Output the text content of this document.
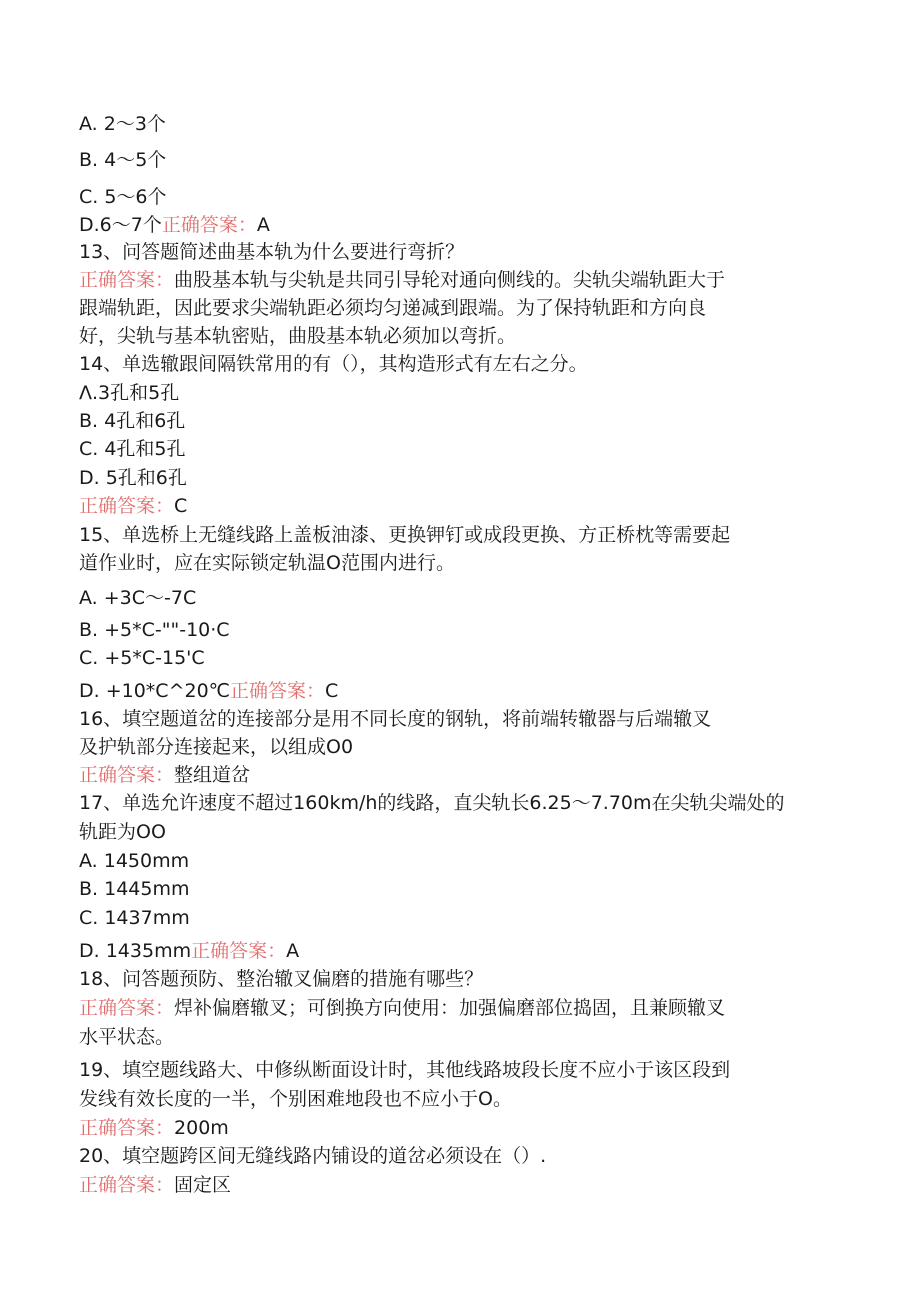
A. 2～3个
B. 4～5个
C. 5～6个
D.6～7个正确答案：A
13、问答题简述曲基本轨为什么要进行弯折？
正确答案：曲股基本轨与尖轨是共同引导轮对通向侧线的。尖轨尖端轨距大于
跟端轨距，因此要求尖端轨距必须均匀递减到跟端。为了保持轨距和方向良
好，尖轨与基本轨密贴，曲股基本轨必须加以弯折。
14、单选辙跟间隔铁常用的有（），其构造形式有左右之分。
Λ.3孔和5孔
B. 4孔和6孔
C. 4孔和5孔
D. 5孔和6孔
正确答案：C
15、单选桥上无缝线路上盖板油漆、更换钾钉或成段更换、方正桥枕等需要起
道作业时，应在实际锁定轨温O范围内进行。
A. +3C～-7C
B. +5*C-""-10·C
C. +5*C-15'C
D. +10*C^20℃正确答案：C
16、填空题道岔的连接部分是用不同长度的钢轨，将前端转辙器与后端辙叉
及护轨部分连接起来，以组成O0
正确答案：整组道岔
17、单选允许速度不超过160km∕h的线路，直尖轨长6.25～7.70m在尖轨尖端处的
轨距为OO
A. 1450mm
B. 1445mm
C. 1437mm
D. 1435mm正确答案：A
18、问答题预防、整治辙叉偏磨的措施有哪些？
正确答案：焊补偏磨辙叉；可倒换方向使用：加强偏磨部位捣固，且兼顾辙叉
水平状态。
19、填空题线路大、中修纵断面设计时，其他线路坡段长度不应小于该区段到
发线有效长度的一半，个别困难地段也不应小于O。
正确答案：200m
20、填空题跨区间无缝线路内铺设的道岔必须设在（）.
正确答案：固定区
